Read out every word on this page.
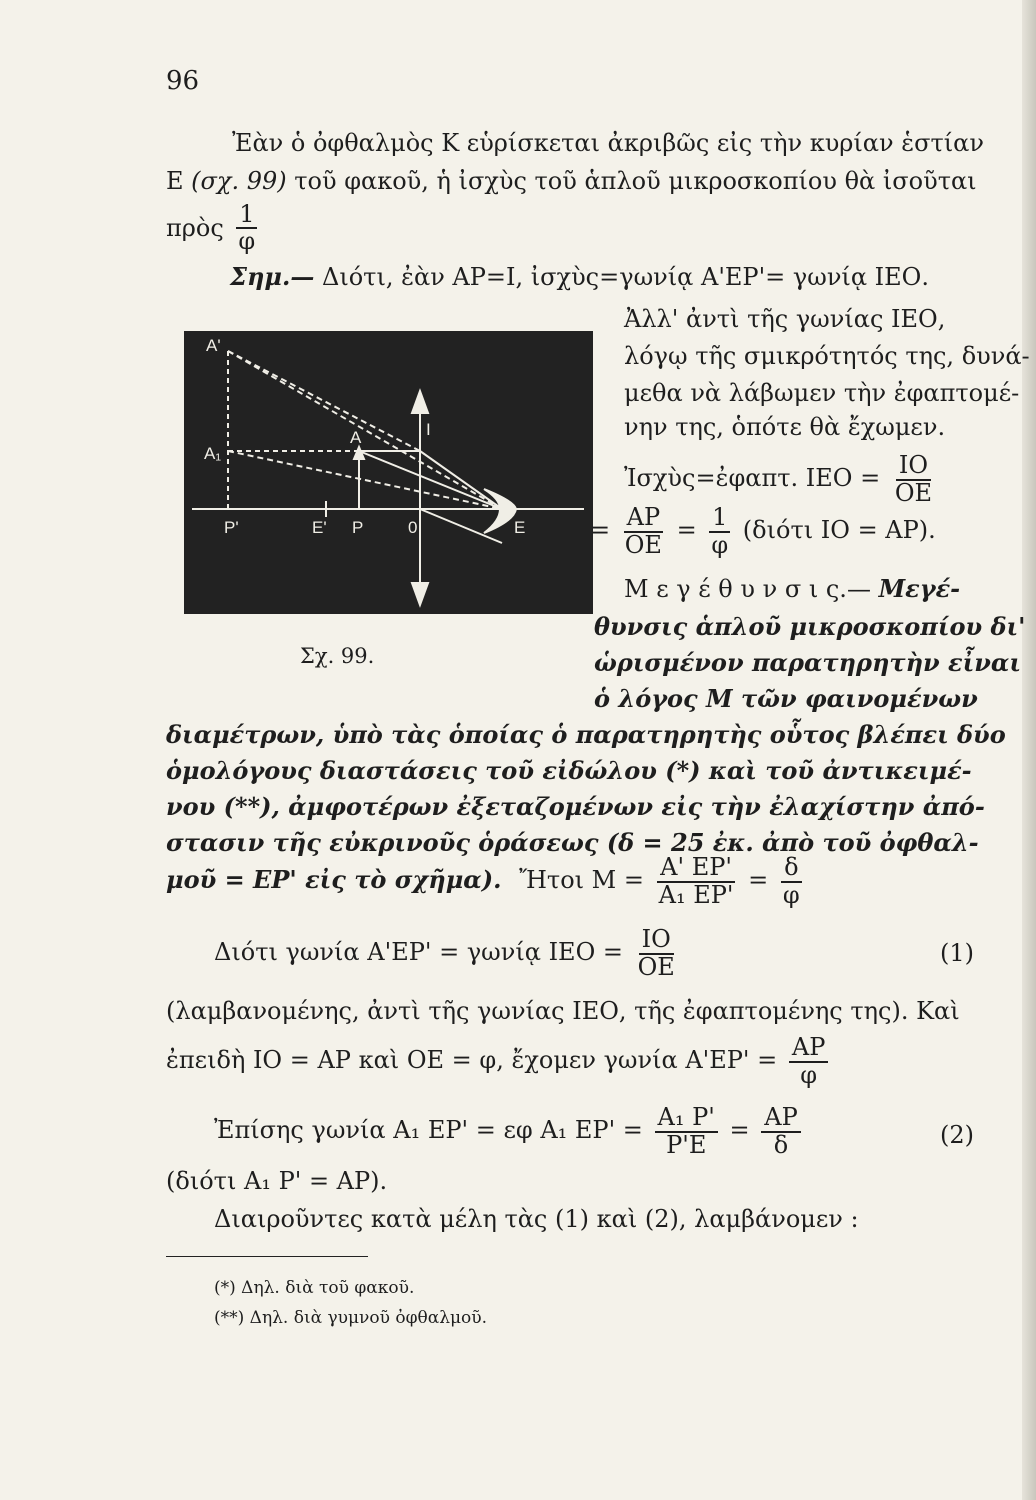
96
Ἐὰν ὁ ὀφθαλμὸς Κ εὑρίσκεται ἀκριβῶς εἰς τὴν κυρίαν ἑστίαν
Ε (σχ. 99) τοῦ φακοῦ, ἡ ἰσχὺς τοῦ ἁπλοῦ μικροσκοπίου θὰ ἰσοῦται
πρὸς $\frac{1}{\varphi}$
Σημ.— Διότι, ἐὰν ΑΡ=Ι, ἰσχὺς=γωνίᾳ Α'ΕΡ'= γωνίᾳ ΙΕΟ.
Α'
Α
Α₁
Ι
Ρ'	Ε' Ρ	0	Ε
Σχ. 99.
Ἀλλ' ἀντὶ τῆς γωνίας ΙΕΟ,
λόγῳ τῆς σμικρότητός της, δυνά-
μεθα νὰ λάβωμεν τὴν ἐφαπτομέ-
νην της, ὁπότε θὰ ἔχωμεν.
Ἰσχὺς=ἐφαπτ. $IEO = \frac{IO}{OE}$
= $\frac{AP}{OE} = \frac{1}{\varphi} (\delta\iota ό\tau\iota$ ΙΟ = ΑΡ).
Μ ε γ έ θ υ ν σ ι ς.— Μεγέ-
θυνσις ἁπλοῦ μικροσκοπίου δι'
ὡρισμένον παρατηρητὴν εἶναι
ὁ λόγος Μ τῶν φαινομένων
διαμέτρων, ὑπὸ τὰς ὁποίας ὁ παρατηρητὴς οὗτος βλέπει δύο
ὁμολόγους διαστάσεις τοῦ εἰδώλου (*) καὶ τοῦ ἀντικειμέ-
νου (**), ἀμφοτέρων ἐξεταζομένων εἰς τὴν ἐλαχίστην ἀπό-
στασιν τῆς εὐκρινοῦς ὁράσεως (δ = 25 ἐκ. ἀπὸ τοῦ ὀφθαλ-
μοῦ = ΕΡ' εἰς τὸ σχῆμα). Ἤτοι $M = \frac{A' EP'}{\text{Α₁ ΕΡ'}} = \frac{\delta}{\varphi}$
Διότι γωνία Α'ΕΡ' = γωνίᾳ $IEO = \frac{IO}{OE}$	(1)
(λαμβανομένης, ἀντὶ τῆς γωνίας ΙΕΟ, τῆς ἐφαπτομένης της). Καὶ
ἐπειδὴ ΙΟ = ΑΡ καὶ ΟΕ = φ, ἔχομεν γωνία $A'EP' = \frac{AP}{\varphi}$
Ἐπίσης γωνία Α₁ ΕΡ' = εφ Α₁ $EP' = \frac{\text{Α₁ Ρ'}}{P'E} = \frac{AP}{\delta}$	(2)
(διότι Α₁ Ρ' = ΑΡ).
Διαιροῦντες κατὰ μέλη τὰς (1) καὶ (2), λαμβάνομεν :
(*) Δηλ. διὰ τοῦ φακοῦ.
(**) Δηλ. διὰ γυμνοῦ ὀφθαλμοῦ.
